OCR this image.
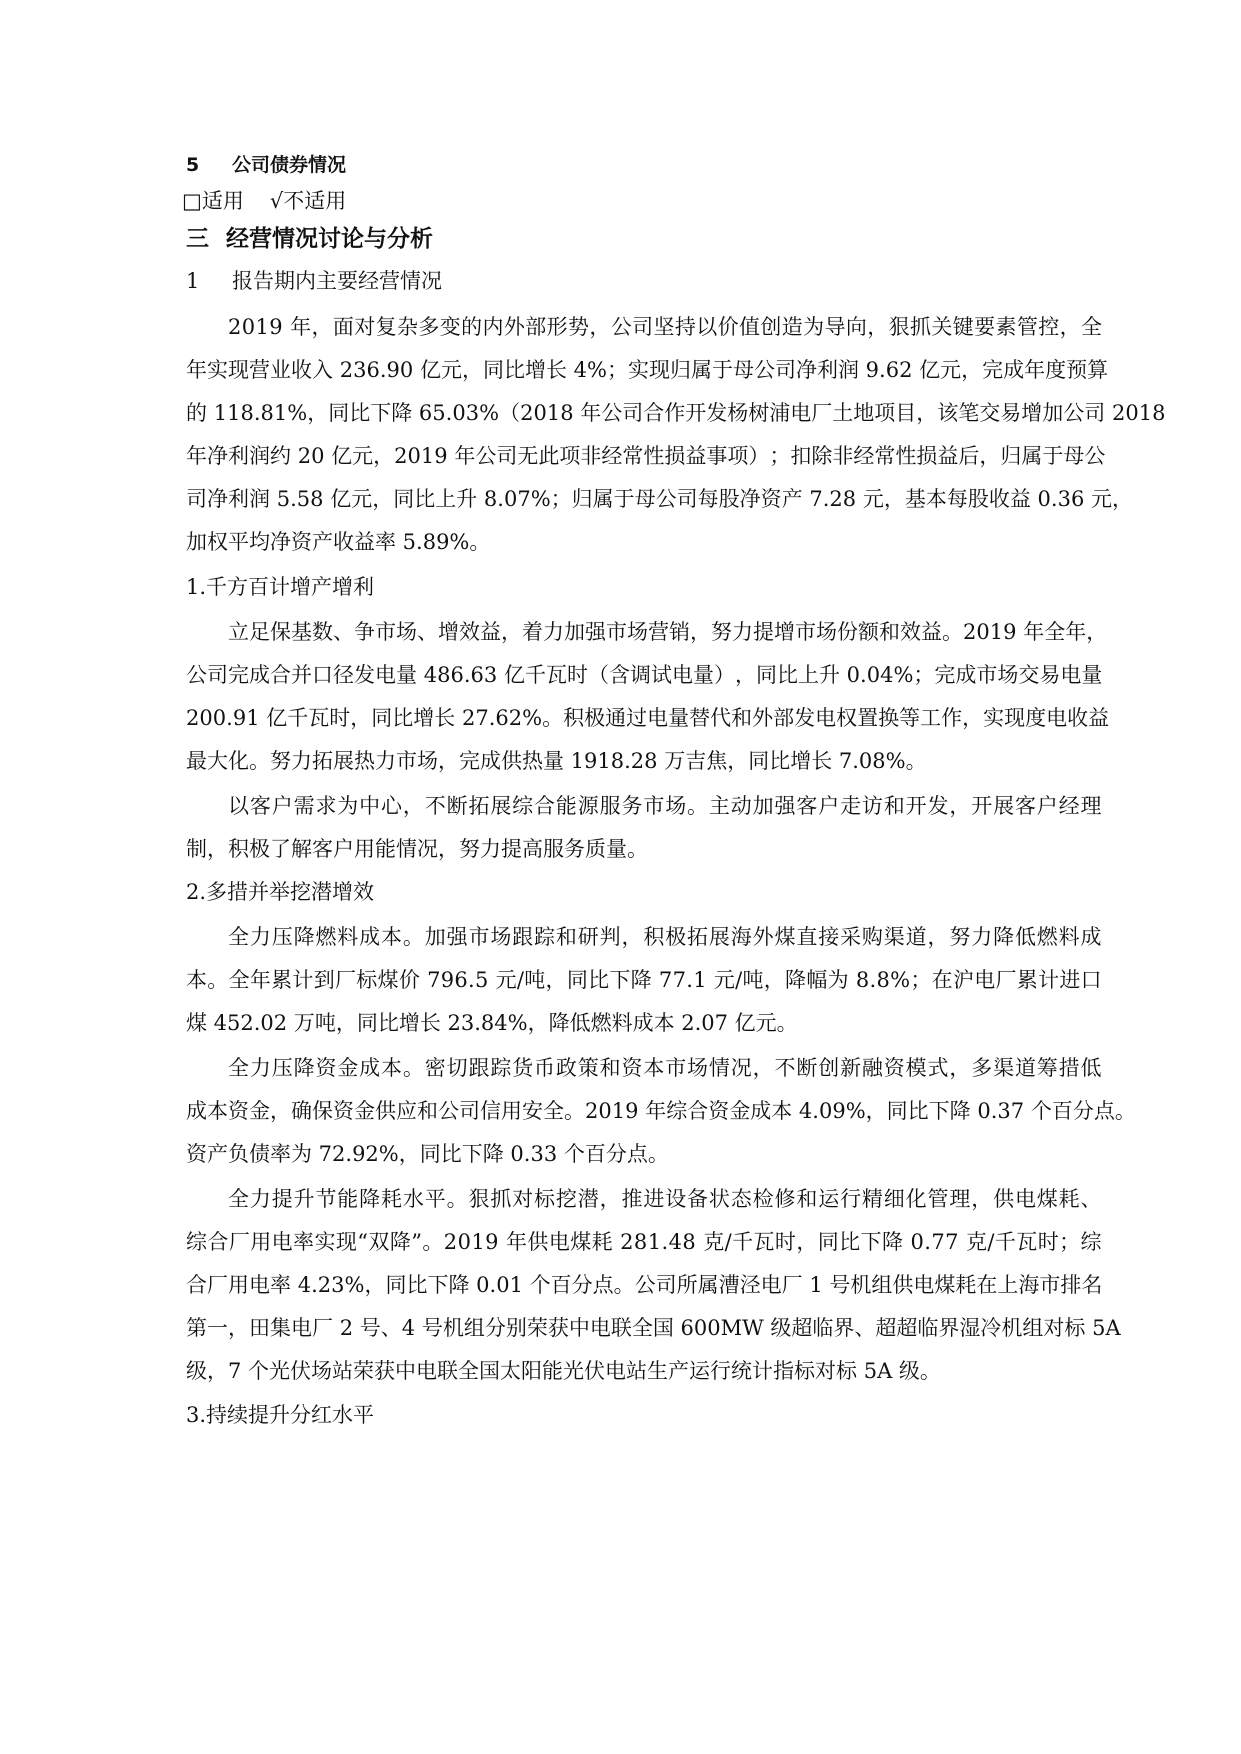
5 公司债券情况
□适用 √不适用
三 经营情况讨论与分析
1 报告期内主要经营情况
2 0 1 9
年 ， 面 对 复 杂 多 变 的 内 外 部 形 势 ， 公 司 坚 持 以 价 值 创 造 为 导 向 ， 狠 抓 关 键 要 素 管 控 ， 全
年 实 现 营 业 收 入
2 3 6 . 9 0
亿 元 ， 同 比 增 长
4 % ； 实 现 归 属 于 母 公 司 净 利 润
9 . 6 2
亿 元 ， 完 成 年 度 预 算
的
1 1 8 . 8 1 % ， 同 比 下 降
6 5 . 0 3 % （ 2 0 1 8
年 公 司 合 作 开 发 杨 树 浦 电 厂 土 地 项 目 ， 该 笔 交 易 增 加 公 司
2 0 1 8
年 净 利 润 约
2 0
亿 元 ， 2 0 1 9
年 公 司 无 此 项 非 经 常 性 损 益 事 项 ） ； 扣 除 非 经 常 性 损 益 后 ， 归 属 于 母 公
司 净 利 润
5 . 5 8
亿 元 ， 同 比 上 升
8 . 0 7 % ； 归 属 于 母 公 司 每 股 净 资 产
7 . 2 8
元 ， 基 本 每 股 收 益
0 . 3 6
元 ，
加权平均净资产收益率 5.89%。
1.千方百计增产增利
立 足 保 基 数 、 争 市 场 、 增 效 益 ， 着 力 加 强 市 场 营 销 ， 努 力 提 增 市 场 份 额 和 效 益 。 2 0 1 9
年 全 年 ，
公 司 完 成 合 并 口 径 发 电 量
4 8 6 . 6 3
亿 千 瓦 时 （ 含 调 试 电 量 ） ， 同 比 上 升
0 . 0 4 % ； 完 成 市 场 交 易 电 量
2 0 0 . 9 1
亿 千 瓦 时 ， 同 比 增 长
2 7 . 6 2 % 。 积 极 通 过 电 量 替 代 和 外 部 发 电 权 置 换 等 工 作 ， 实 现 度 电 收 益
最大化。努力拓展热力市场，完成供热量 1918.28 万吉焦，同比增长 7.08%。
以 客 户 需 求 为 中 心 ， 不 断 拓 展 综 合 能 源 服 务 市 场 。 主 动 加 强 客 户 走 访 和 开 发 ， 开 展 客 户 经 理
制，积极了解客户用能情况，努力提高服务质量。
2.多措并举挖潜增效
全 力 压 降 燃 料 成 本 。 加 强 市 场 跟 踪 和 研 判 ， 积 极 拓 展 海 外 煤 直 接 采 购 渠 道 ， 努 力 降 低 燃 料 成
本 。 全 年 累 计 到 厂 标 煤 价
7 9 6 . 5
元 / 吨 ， 同 比 下 降
7 7 . 1
元 / 吨 ， 降 幅 为
8 . 8 % ； 在 沪 电 厂 累 计 进 口
煤 452.02 万吨，同比增长 23.84%，降低燃料成本 2.07 亿元。
全 力 压 降 资 金 成 本 。 密 切 跟 踪 货 币 政 策 和 资 本 市 场 情 况 ， 不 断 创 新 融 资 模 式 ， 多 渠 道 筹 措 低
成 本 资 金 ， 确 保 资 金 供 应 和 公 司 信 用 安 全 。 2 0 1 9
年 综 合 资 金 成 本
4 . 0 9 % ， 同 比 下 降
0 . 3 7
个 百 分 点 。
资产负债率为 72.92%，同比下降 0.33 个百分点。
全 力 提 升 节 能 降 耗 水 平 。 狠 抓 对 标 挖 潜 ， 推 进 设 备 状 态 检 修 和 运 行 精 细 化 管 理 ， 供 电 煤 耗 、
综 合 厂 用 电 率 实 现 “ 双 降 ” 。 2 0 1 9
年 供 电 煤 耗
2 8 1 . 4 8
克 / 千 瓦 时 ， 同 比 下 降
0 . 7 7
克 / 千 瓦 时 ； 综
合 厂 用 电 率
4 . 2 3 % ， 同 比 下 降
0 . 0 1
个 百 分 点 。 公 司 所 属 漕 泾 电 厂
1
号 机 组 供 电 煤 耗 在 上 海 市 排 名
第 一 ， 田 集 电 厂
2
号 、 4
号 机 组 分 别 荣 获 中 电 联 全 国
6 0 0 M W
级 超 临 界 、 超 超 临 界 湿 冷 机 组 对 标
5 A
级，7 个光伏场站荣获中电联全国太阳能光伏电站生产运行统计指标对标 5A 级。
3.持续提升分红水平
